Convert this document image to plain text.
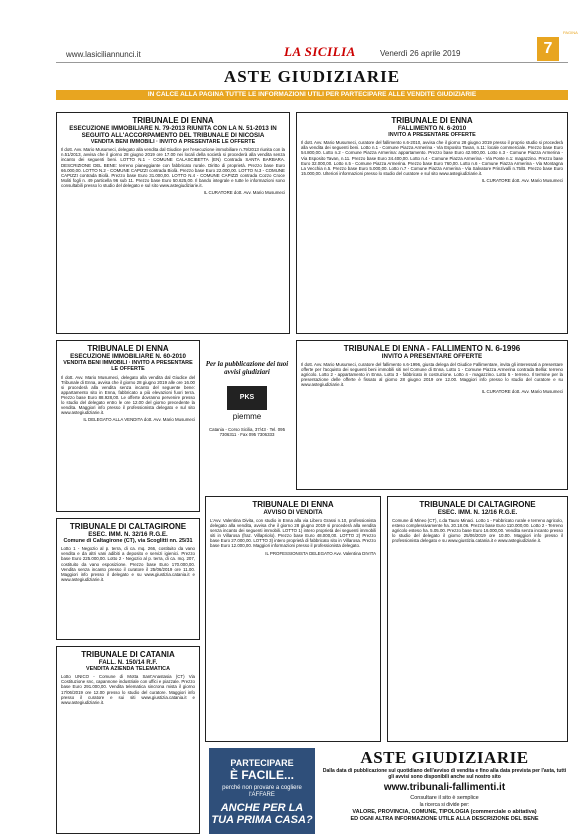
www.lasiciliannunci.it	LA SICILIA	Venerdì 26 aprile 2019	7
PAGINA
ASTE GIUDIZIARIE
IN CALCE ALLA PAGINA TUTTE LE INFORMAZIONI UTILI PER PARTECIPARE ALLE VENDITE GIUDIZIARIE
TRIBUNALE DI ENNA
ESECUZIONE IMMOBILIARE N. 79-2013 RIUNITA CON LA N. 51-2013 IN SEGUITO ALL'ACCORPAMENTO DEL TRIBUNALE DI NICOSIA
VENDITA BENI IMMOBILI · INVITO A PRESENTARE LE OFFERTE
Il dott. Avv. Mario Musumeci, delegato alla vendita dal Giudice per l'esecuzione immobiliare n.79/2013 riunita con la n.51/2013, avvisa che il giorno 28 giugno 2019 ore 17.00 nei locali della società si procederà alla vendita senza incanto dei seguenti beni. LOTTO N.1 - COMUNE CALASCIBETTA (EN) Contrada SANTA BARBARA. DESCRIZIONE DEL BENE: terreno pianeggiante con fabbricato rurale. Diritto di proprietà. Prezzo base Euro 66.000,00. LOTTO N.2 - COMUNE CAPIZZI contrada Biolà. Prezzo base Euro 22.000,00. LOTTO N.3 - COMUNE CAPIZZI contrada Biolà. Prezzo base Euro 31.000,00. LOTTO N.4 - COMUNE CAPIZZI contrada Cozzo Croce Moliti fogli n. 49 particella 96 sub 11. Prezzo base Euro 50.625,00. Il bando integrale e tutte le informazioni sono consultabili presso lo studio del delegato e sul sito www.astegiudiziarie.it.
IL CURATORE dott. Avv. Mario Musumeci
TRIBUNALE DI ENNA
ESECUZIONE IMMOBILIARE N. 60-2010
VENDITA BENI IMMOBILI · INVITO A PRESENTARE LE OFFERTE
Il dott. Avv. Mario Musumeci, delegato alla vendita dal Giudice del Tribunale di Enna, avvisa che il giorno 28 giugno 2019 alle ore 16.00 si procederà alla vendita senza incanto del seguente bene: appartamento sito in Enna, fabbricato a più elevazioni fuori terra. Prezzo base Euro 88.928,00. Le offerte dovranno pervenire presso lo studio del delegato entro le ore 12.00 del giorno precedente la vendita. Maggiori info presso il professionista delegato e sul sito www.astegiudiziarie.it.
IL DELEGATO ALLA VENDITA dott. Avv. Mario Musumeci
Per la pubblicazione dei tuoi avvisi giudiziari
PKS
piemme
Catania - Corso Sicilia, 37/43 · Tel. 095 7306311 · Fax 095 7306333
TRIBUNALE DI CALTAGIRONE
ESEC. IMM. N. 32/16 R.G.E.
Comune di Caltagirone (CT), via Scoglitti nn. 25/31
Lotto 1 - Negozio al p. terra, di ca. mq. 266, costituito da vano vendita e da altri vani adibiti a deposito e servizi igienici. Prezzo base Euro 225.000,00. Lotto 2 - Negozio al p. terra, di ca. mq. 207, costituito da vano esposizione. Prezzo base Euro 170.000,00. Vendita senza incanto presso il curatore il 25/06/2019 ore 11.00. Maggiori info presso il delegato e su www.giustizia.catania.it e www.astegiudiziarie.it.
TRIBUNALE DI CATANIA
FALL. N. 150/14 R.F.
VENDITA AZIENDA TELEMATICA
Lotto UNICO - Comune di Motta Sant'Anastasia (CT) Via Costituzione snc, capannone industriale con uffici e piazzale. Prezzo base Euro 291.000,00. Vendita telematica sincrona mista il giorno 17/06/2019 ore 12.00 presso lo studio del curatore. Maggiori info presso il curatore e sui siti www.giustizia.catania.it e www.astegiudiziarie.it.
TRIBUNALE DI ENNA
FALLIMENTO N. 6-2010
INVITO A PRESENTARE OFFERTE
Il dott. Avv. Mario Musumeci, curatore del fallimento n.6-2010, avvisa che il giorno 28 giugno 2019 presso il proprio studio si procederà alla vendita dei seguenti beni. Lotto n.1 - Comune Piazza Armerina - Via Esposito Tavan, n.11: locale commerciale. Prezzo base Euro 54.800,00. Lotto n.2 - Comune Piazza Armerina: appartamento. Prezzo base Euro 42.900,00. Lotto n.3 - Comune Piazza Armerina - Via Esposito Tavan, n.11. Prezzo base Euro 34.400,00. Lotto n.4 - Comune Piazza Armerina - Via Ponte n.1: magazzino. Prezzo base Euro 32.000,00. Lotto n.5 - Comune Piazza Armerina. Prezzo base Euro 760,00. Lotto n.6 - Comune Piazza Armerina - Via Montagna La Vecchia n.5. Prezzo base Euro 5.000,00. Lotto n.7 - Comune Piazza Armerina - Via Salvatore Prinzivalli n.75/B. Prezzo base Euro 15.000,00. Ulteriori informazioni presso lo studio del curatore e sul sito www.astegiudiziarie.it.
IL CURATORE dott. Avv. Mario Musumeci
TRIBUNALE DI ENNA - FALLIMENTO N. 6-1996
INVITO A PRESENTARE OFFERTE
Il dott. Avv. Mario Musumeci, curatore del fallimento n.6-1996, giusta delega del Giudice Fallimentare, invita gli interessati a presentare offerte per l'acquisto dei seguenti beni immobili siti nel Comune di Enna. Lotto 1 - Comune Piazza Armerina contrada Bellia: terreno agricolo. Lotto 2 - appartamento in Enna. Lotto 3 - fabbricato in costruzione. Lotto 4 - magazzino. Lotto 5 - terreno. Il termine per la presentazione delle offerte è fissato al giorno 28 giugno 2019 ore 12.00. Maggiori info presso lo studio del curatore e su www.astegiudiziarie.it.
IL CURATORE dott. Avv. Mario Musumeci
TRIBUNALE DI ENNA
AVVISO DI VENDITA
L'Avv. Valentina Divita, con studio in Enna alla via Libero Grassi n.10, professionista delegato alla vendita, avvisa che il giorno 28 giugno 2019 si procederà alla vendita senza incanto dei seguenti immobili. LOTTO 1) intero proprietà dei seguenti immobili siti in Villarosa (fraz. Villapriolo). Prezzo base Euro 48.000,00. LOTTO 2) Prezzo base Euro 27.000,00. LOTTO 3) intero proprietà di fabbricato sito in Villarosa. Prezzo base Euro 12.000,00. Maggiori informazioni presso il professionista delegato.
IL PROFESSIONISTA DELEGATO Avv. Valentina DIVITA
TRIBUNALE DI CALTAGIRONE
ESEC. IMM. N. 12/16 R.G.E.
Comune di Mineo (CT), c.da Tauro Minaci. Lotto 1 - Fabbricato rurale e terreno agricolo, esteso complessivamente ha. 20.18.06. Prezzo base Euro 110.000,00. Lotto 2 - Terreno agricolo esteso ha. 5.05.00. Prezzo base Euro 16.000,00. Vendita senza incanto presso lo studio del delegato il giorno 25/06/2019 ore 10.00. Maggiori info presso il professionista delegato e su www.giustizia.catania.it e www.astegiudiziarie.it.
PARTECIPARE
È FACILE...
perché non provare a cogliere l'AFFARE
ANCHE PER LA TUA PRIMA CASA?
ASTE GIUDIZIARIE
Dalla data di pubblicazione sul quotidiano dell'avviso di vendita e fino alla data prevista per l'asta, tutti gli avvisi sono disponibili anche sul nostro sito
www.tribunali-fallimenti.it
Consultare il sito è semplice
la ricerca si divide per:
VALORE, PROVINCIA, COMUNE, TIPOLOGIA (commerciale o abitativa)
ED OGNI ALTRA INFORMAZIONE UTILE ALLA DESCRIZIONE DEL BENE
